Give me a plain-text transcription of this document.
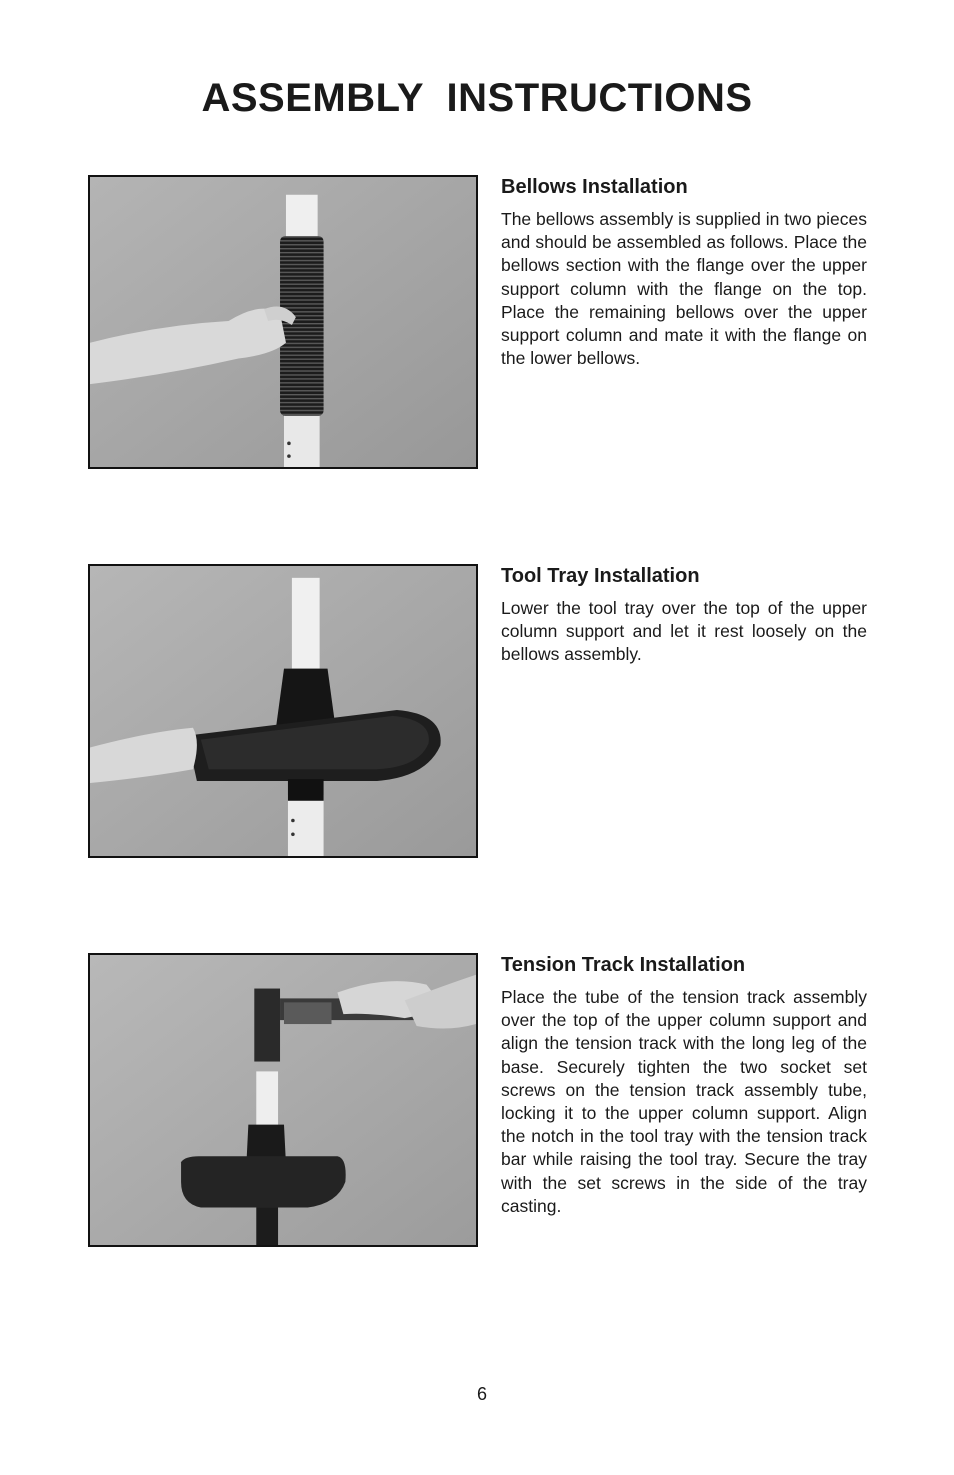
ASSEMBLY  INSTRUCTIONS
Bellows Installation

The bellows assembly is supplied in two pieces and should be assembled as follows. Place the bellows section with the flange over the upper support column with the flange on the top. Place the remaining bellows over the upper support column and mate it with the flange on the lower bellows.

Tool Tray Installation

Lower the tool tray over the top of the upper column support and let it rest loosely on the bellows assembly.

Tension Track Installation

Place the tube of the tension track assembly over the top of the upper column support and align the tension track with the long leg of the base. Securely tighten the two socket set screws on the tension track assembly tube, locking it to the upper column support. Align the notch in the tool tray with the tension track bar while raising the tool tray. Secure the tray with the set screws in the side of the tray casting.

6
